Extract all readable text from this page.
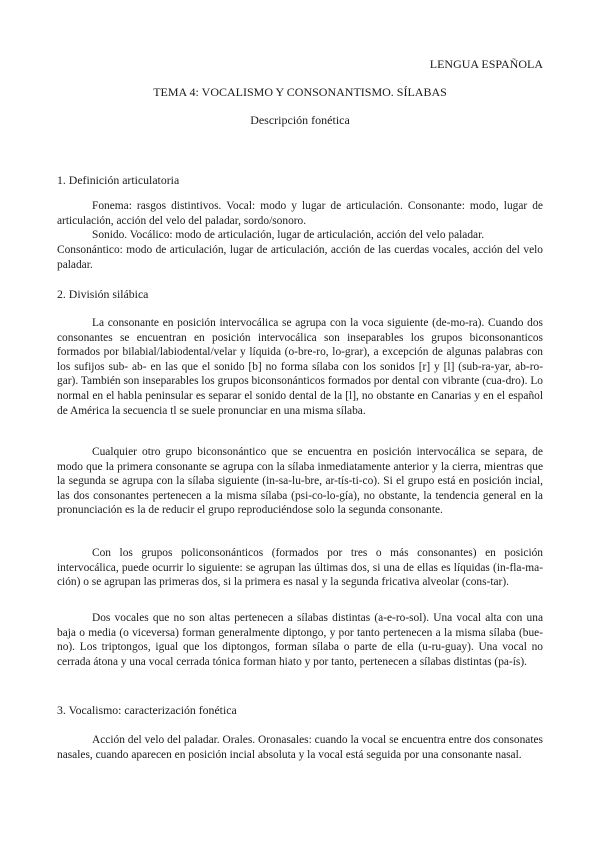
LENGUA ESPAÑOLA
TEMA 4: VOCALISMO Y CONSONANTISMO. SÍLABAS
Descripción fonética
1. Definición articulatoria

Fonema: rasgos distintivos. Vocal: modo y lugar de articulación. Consonante: modo, lugar de articulación, acción del velo del paladar, sordo/sonoro.

Sonido. Vocálico: modo de articulación, lugar de articulación, acción del velo paladar.

Consonántico: modo de articulación, lugar de articulación, acción de las cuerdas vocales, acción del velo paladar.

2. División silábica

La consonante en posición intervocálica se agrupa con la voca siguiente (de-mo-ra). Cuando dos consonantes se encuentran en posición intervocálica son inseparables los grupos biconsonanticos formados por bilabial/labiodental/velar y líquida (o-bre-ro, lo-grar), a excepción de algunas palabras con los sufijos sub- ab- en las que el sonido [b] no forma sílaba con los sonidos [r] y [l] (sub-ra-yar, ab-ro-gar). También son inseparables los grupos biconsonánticos formados por dental con vibrante (cua-dro). Lo normal en el habla peninsular es separar el sonido dental de la [l], no obstante en Canarias y en el español de América la secuencia tl se suele pronunciar en una misma sílaba.

Cualquier otro grupo biconsonántico que se encuentra en posición intervocálica se separa, de modo que la primera consonante se agrupa con la sílaba inmediatamente anterior y la cierra, mientras que la segunda se agrupa con la sílaba siguiente (in-sa-lu-bre, ar-tís-ti-co). Si el grupo está en posición incial, las dos consonantes pertenecen a la misma sílaba (psi-co-lo-gía), no obstante, la tendencia general en la pronunciación es la de reducir el grupo reproduciéndose solo la segunda consonante.

Con los grupos policonsonánticos (formados por tres o más consonantes) en posición intervocálica, puede ocurrir lo siguiente: se agrupan las últimas dos, si una de ellas es líquidas (in-fla-ma-ción) o se agrupan las primeras dos, si la primera es nasal y la segunda fricativa alveolar (cons-tar).

Dos vocales que no son altas pertenecen a sílabas distintas (a-e-ro-sol). Una vocal alta con una baja o media (o viceversa) forman generalmente diptongo, y por tanto pertenecen a la misma sílaba (bue-no). Los triptongos, igual que los diptongos, forman sílaba o parte de ella (u-ru-guay). Una vocal no cerrada átona y una vocal cerrada tónica forman hiato y por tanto, pertenecen a sílabas distintas (pa-ís).

3. Vocalismo: caracterización fonética

Acción del velo del paladar. Orales. Oronasales: cuando la vocal se encuentra entre dos consonates nasales, cuando aparecen en posición incial absoluta y la vocal está seguida por una consonante nasal.
